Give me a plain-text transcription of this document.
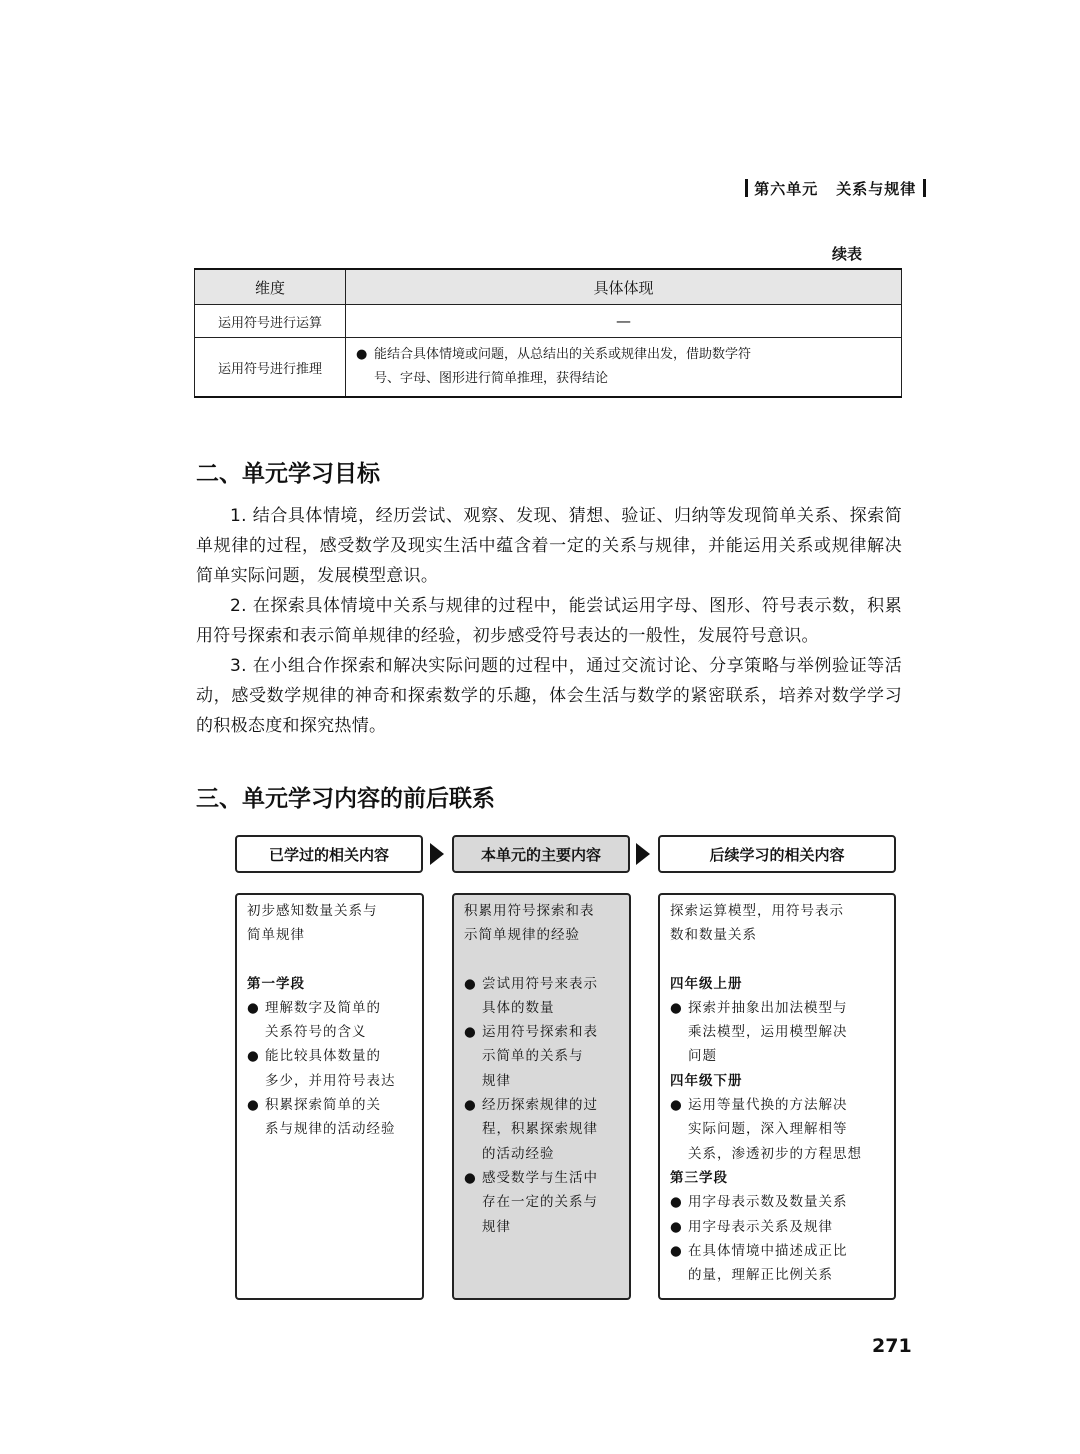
第六单元 关系与规律
续表
维度	具体体现
运用符号进行运算	—
运用符号进行推理	● 能结合具体情境或问题，从总结出的关系或规律出发，借助数学符
号、字母、图形进行简单推理，获得结论
二、单元学习目标

1. 结合具体情境，经历尝试、观察、发现、猜想、验证、归纳等发现简单关系、探索简单规律的过程，感受数学及现实生活中蕴含着一定的关系与规律，并能运用关系或规律解决简单实际问题，发展模型意识。

2. 在探索具体情境中关系与规律的过程中，能尝试运用字母、图形、符号表示数，积累用符号探索和表示简单规律的经验，初步感受符号表达的一般性，发展符号意识。

3. 在小组合作探索和解决实际问题的过程中，通过交流讨论、分享策略与举例验证等活动，感受数学规律的神奇和探索数学的乐趣，体会生活与数学的紧密联系，培养对数学学习的积极态度和探究热情。

三、单元学习内容的前后联系
已学过的相关内容	本单元的主要内容	后续学习的相关内容
初步感知数量关系与
简单规律
第一学段
● 理解数字及简单的
关系符号的含义
● 能比较具体数量的
多少，并用符号表达
● 积累探索简单的关
系与规律的活动经验
积累用符号探索和表
示简单规律的经验
● 尝试用符号来表示
具体的数量
● 运用符号探索和表
示简单的关系与
规律
● 经历探索规律的过
程，积累探索规律
的活动经验
● 感受数学与生活中
存在一定的关系与
规律
探索运算模型，用符号表示
数和数量关系
四年级上册
● 探索并抽象出加法模型与
乘法模型，运用模型解决
问题
四年级下册
● 运用等量代换的方法解决
实际问题，深入理解相等
关系，渗透初步的方程思想
第三学段
● 用字母表示数及数量关系
● 用字母表示关系及规律
● 在具体情境中描述成正比
的量，理解正比例关系
271
